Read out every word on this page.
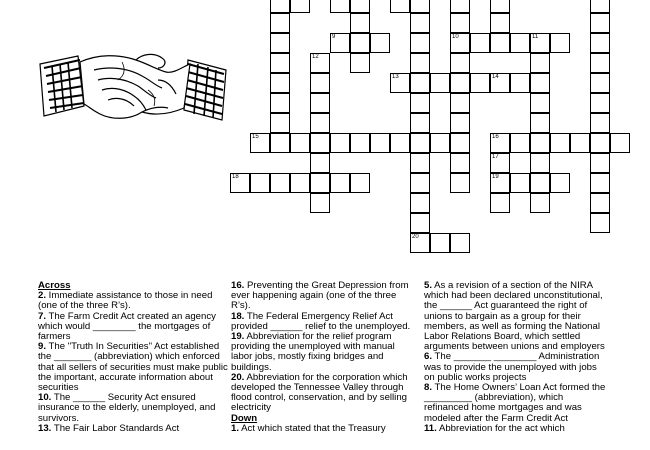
9	10	11
12
13	14
15	16
17
18	19
20
Across
2. Immediate assistance to those in need (one of the three R’s).
7. The Farm Credit Act created an agency which would ________ the mortgages of farmers
9. The "Truth In Securities" Act established the _______ (abbreviation) which enforced that all sellers of securities must make public the important, accurate information about securities
10. The ______ Security Act ensured insurance to the elderly, unemployed, and survivors.
13. The Fair Labor Standards Act
16. Preventing the Great Depression from ever happening again (one of the three R’s).
18. The Federal Emergency Relief Act provided ______ relief to the unemployed.
19. Abbreviation for the relief program providing the unemployed with manual labor jobs, mostly fixing bridges and buildings.
20. Abbreviation for the corporation which developed the Tennessee Valley through flood control, conservation, and by selling electricity
Down
1. Act which stated that the Treasury
5. As a revision of a section of the NIRA which had been declared unconstitutional, the ______ Act guaranteed the right of unions to bargain as a group for their members, as well as forming the National Labor Relations Board, which settled arguments between unions and employers
6. The _______ ________ Administration was to provide the unemployed with jobs on public works projects
8. The Home Owners’ Loan Act formed the _________ (abbreviation), which refinanced home mortgages and was modeled after the Farm Credit Act
11. Abbreviation for the act which
